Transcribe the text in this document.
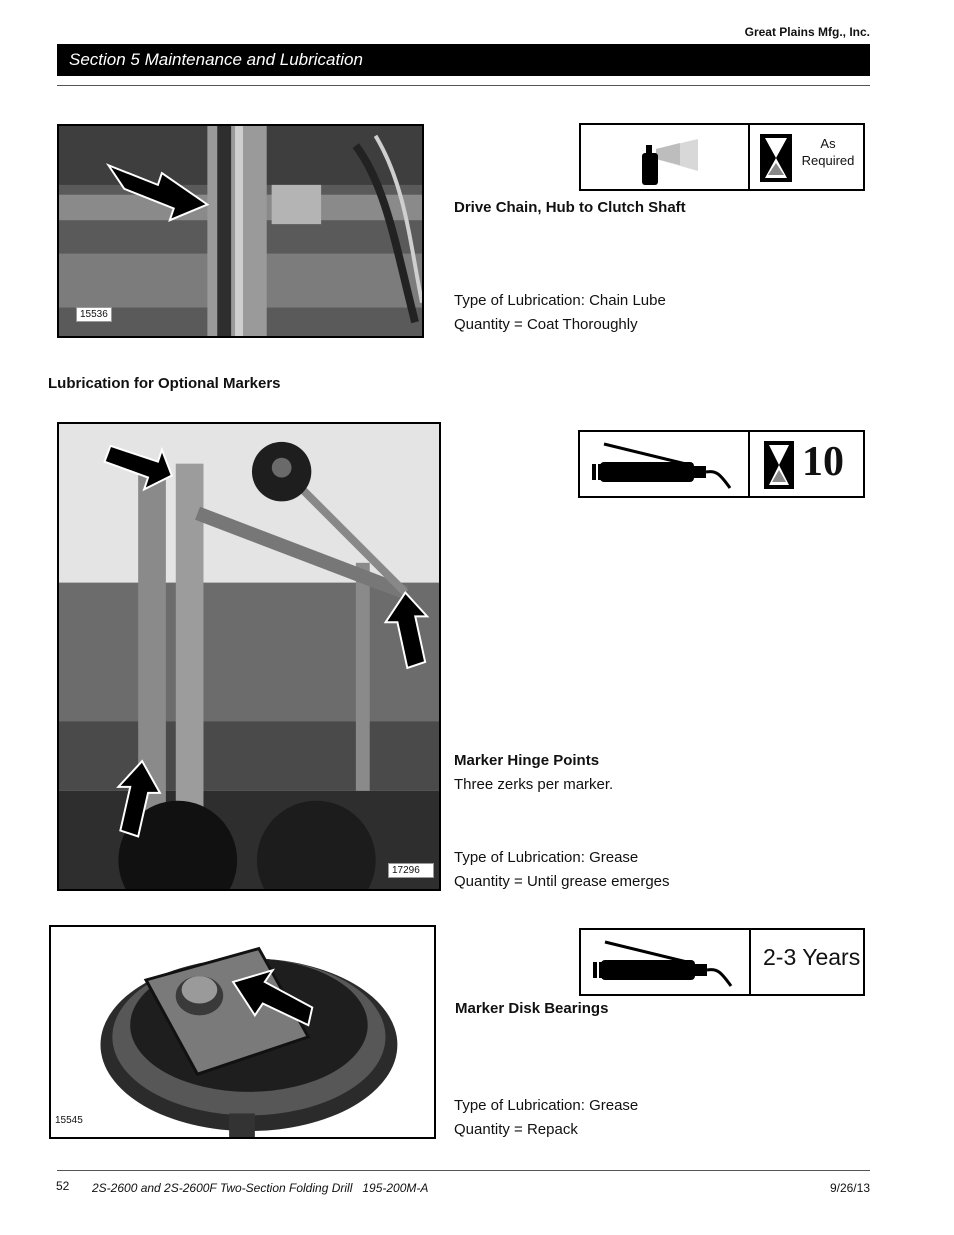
Great Plains Mfg., Inc.
Section 5 Maintenance and Lubrication
15536
As
Required
Drive Chain, Hub to Clutch Shaft
Type of Lubrication: Chain Lube
Quantity = Coat Thoroughly
Lubrication for Optional Markers
17296
10
Marker Hinge Points
Three zerks per marker.
Type of Lubrication: Grease
Quantity = Until grease emerges
15545
2-3 Years
Marker Disk Bearings
Type of Lubrication: Grease
Quantity = Repack
52 2S-2600 and 2S-2600F Two-Section Folding Drill   195-200M-A	9/26/13
